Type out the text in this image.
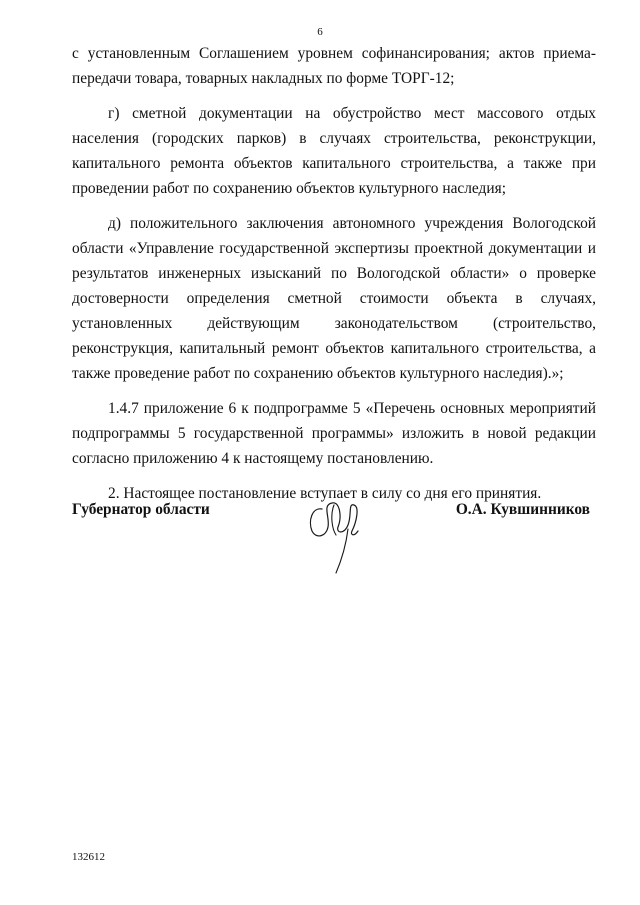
6

с установленным Соглашением уровнем софинансирования; актов приема-передачи товара, товарных накладных по форме ТОРГ-12;

г) сметной документации на обустройство мест массового отдых населения (городских парков) в случаях строительства, реконструкции, капитального ремонта объектов капитального строительства, а также при проведении работ по сохранению объектов культурного наследия;

д) положительного заключения автономного учреждения Вологодской области «Управление государственной экспертизы проектной документации и результатов инженерных изысканий по Вологодской области» о проверке достоверности определения сметной стоимости объекта в случаях, установленных действующим законодательством (строительство, реконструкция, капитальный ремонт объектов капитального строительства, а также проведение работ по сохранению объектов культурного наследия).»;

1.4.7 приложение 6 к подпрограмме 5 «Перечень основных мероприятий подпрограммы 5 государственной программы» изложить в новой редакции согласно приложению 4 к настоящему постановлению.

2. Настоящее постановление вступает в силу со дня его принятия.

Губернатор области	О.А. Кувшинников
132612
